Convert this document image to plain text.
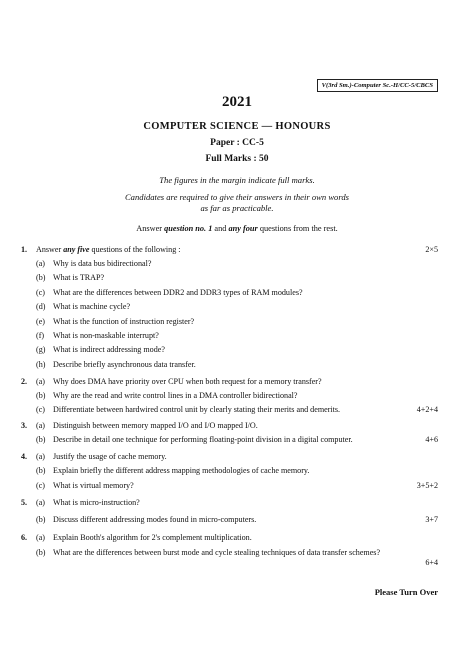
V(3rd Sm.)-Computer Sc.-H/CC-5/CBCS
2021
COMPUTER SCIENCE — HONOURS
Paper : CC-5
Full Marks : 50
The figures in the margin indicate full marks.
Candidates are required to give their answers in their own words
as far as practicable.
Answer question no. 1 and any four questions from the rest.
1. Answer any five questions of the following :	2×5
(a) Why is data bus bidirectional?
(b) What is TRAP?
(c) What are the differences between DDR2 and DDR3 types of RAM modules?
(d) What is machine cycle?
(e) What is the function of instruction register?
(f) What is non-maskable interrupt?
(g) What is indirect addressing mode?
(h) Describe briefly asynchronous data transfer.
2. (a) Why does DMA have priority over CPU when both request for a memory transfer?
(b) Why are the read and write control lines in a DMA controller bidirectional?
(c) Differentiate between hardwired control unit by clearly stating their merits and demerits.	4+2+4
3. (a) Distinguish between memory mapped I/O and I/O mapped I/O.
(b) Describe in detail one technique for performing floating-point division in a digital computer.	4+6
4. (a) Justify the usage of cache memory.
(b) Explain briefly the different address mapping methodologies of cache memory.
(c) What is virtual memory?	3+5+2
5. (a) What is micro-instruction?
(b) Discuss different addressing modes found in micro-computers.	3+7
6. (a) Explain Booth's algorithm for 2's complement multiplication.
(b) What are the differences between burst mode and cycle stealing techniques of data transfer schemes?
6+4
Please Turn Over
